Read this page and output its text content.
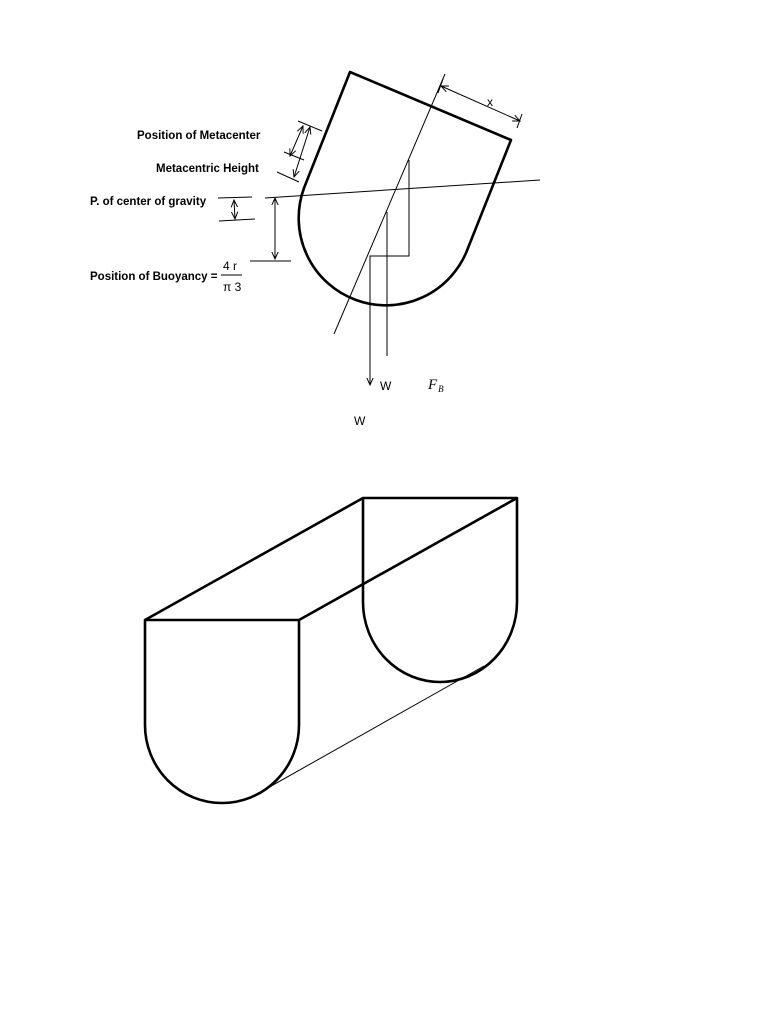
Position of Metacenter
Metacentric Height
P. of center of gravity
Position of Buoyancy =
4 r
π 3
x
W $F_B$
W
